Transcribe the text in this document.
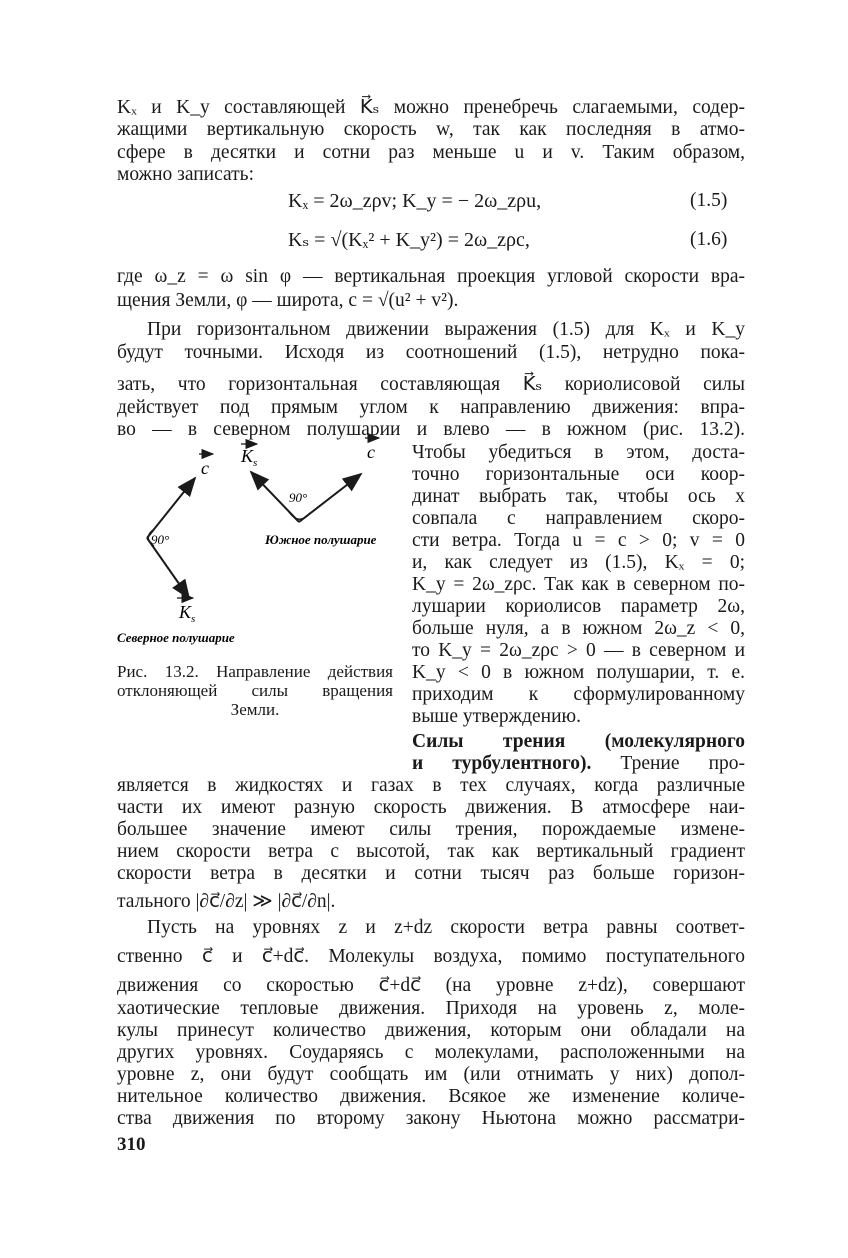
Kₓ и K_y составляющей K⃗ₛ можно пренебречь слагаемыми, содер-
жащими вертикальную скорость w, так как последняя в атмо-
сфере в десятки и сотни раз меньше u и v. Таким образом,
можно записать:
Kₓ = 2ω_zρv; K_y = − 2ω_zρu,	(1.5)
Kₛ = √(Kₓ² + K_y²) = 2ω_zρc,	(1.6)
где ω_z = ω sin φ — вертикальная проекция угловой скорости вра-
щения Земли, φ — широта, c = √(u² + v²).
При горизонтальном движении выражения (1.5) для Kₓ и K_y
будут точными. Исходя из соотношений (1.5), нетрудно пока-
зать, что горизонтальная составляющая K⃗ₛ кориолисовой силы
действует под прямым углом к направлению движения: впра-
во — в северном полушарии и влево — в южном (рис. 13.2).
Чтобы убедиться в этом, доста-
точно горизонтальные оси коор-
динат выбрать так, чтобы ось x
совпала с направлением скоро-
сти ветра. Тогда u = c > 0; v = 0
и, как следует из (1.5), Kₓ = 0;
K_y = 2ω_zρc. Так как в северном по-
лушарии кориолисов параметр 2ω,
больше нуля, а в южном 2ω_z < 0,
то K_y = 2ω_zρc > 0 — в северном и
K_y < 0 в южном полушарии, т. е.
приходим к сформулированному
выше утверждению.
Силы трения (молекулярного
и турбулентного). Трение про-
c
K s
c
90°
90°
K s
Южное полушарие
Северное полушарие
Рис. 13.2. Направление действия
отклоняющей силы вращения
Земли.
является в жидкостях и газах в тех случаях, когда различные
части их имеют разную скорость движения. В атмосфере наи-
большее значение имеют силы трения, порождаемые измене-
нием скорости ветра с высотой, так как вертикальный градиент
скорости ветра в десятки и сотни тысяч раз больше горизон-
тального |∂c⃗/∂z| ≫ |∂c⃗/∂n|.
Пусть на уровнях z и z+dz скорости ветра равны соответ-
ственно c⃗ и c⃗+dc⃗. Молекулы воздуха, помимо поступательного
движения со скоростью c⃗+dc⃗ (на уровне z+dz), совершают
хаотические тепловые движения. Приходя на уровень z, моле-
кулы принесут количество движения, которым они обладали на
других уровнях. Соударяясь с молекулами, расположенными на
уровне z, они будут сообщать им (или отнимать у них) допол-
нительное количество движения. Всякое же изменение количе-
ства движения по второму закону Ньютона можно рассматри-
310
